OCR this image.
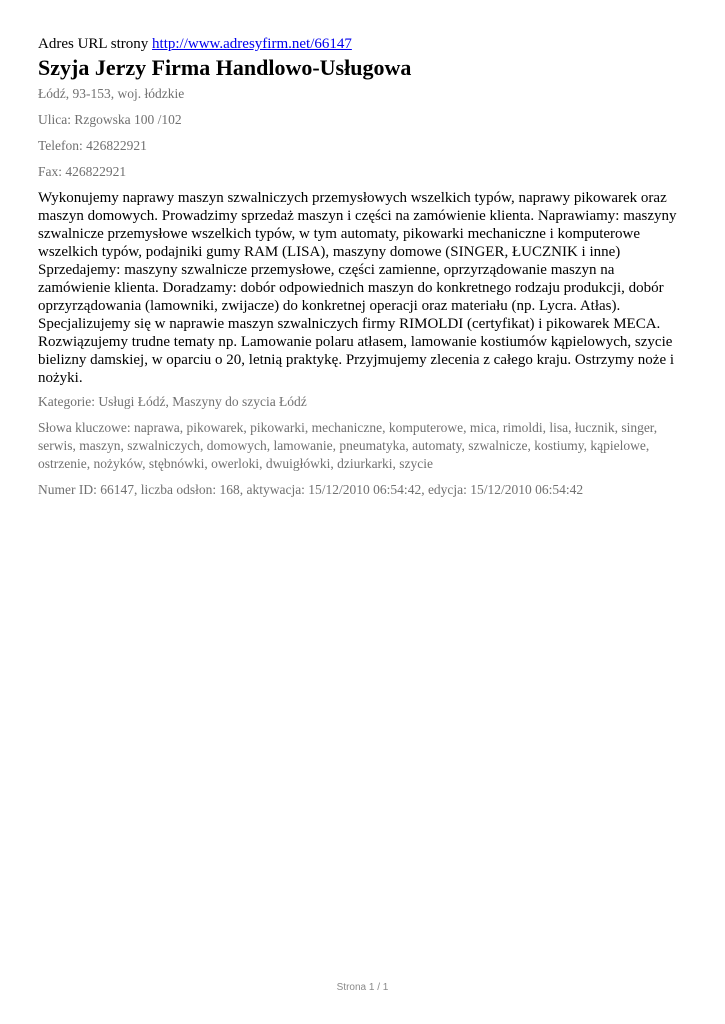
Adres URL strony http://www.adresyfirm.net/66147

Szyja Jerzy Firma Handlowo-Usługowa

Łódź, 93-153, woj. łódzkie

Ulica: Rzgowska 100 /102

Telefon: 426822921

Fax: 426822921

Wykonujemy naprawy maszyn szwalniczych przemysłowych wszelkich typów, naprawy pikowarek oraz maszyn domowych. Prowadzimy sprzedaż maszyn i części na zamówienie klienta. Naprawiamy: maszyny szwalnicze przemysłowe wszelkich typów, w tym automaty, pikowarki mechaniczne i komputerowe wszelkich typów, podajniki gumy RAM (LISA), maszyny domowe (SINGER, ŁUCZNIK i inne) Sprzedajemy: maszyny szwalnicze przemysłowe, części zamienne, oprzyrządowanie maszyn na zamówienie klienta. Doradzamy: dobór odpowiednich maszyn do konkretnego rodzaju produkcji, dobór oprzyrządowania (lamowniki, zwijacze) do konkretnej operacji oraz materiału (np. Lycra. Atłas). Specjalizujemy się w naprawie maszyn szwalniczych firmy RIMOLDI (certyfikat) i pikowarek MECA. Rozwiązujemy trudne tematy np. Lamowanie polaru atłasem, lamowanie kostiumów kąpielowych, szycie bielizny damskiej, w oparciu o 20, letnią praktykę. Przyjmujemy zlecenia z całego kraju. Ostrzymy noże i nożyki.

Kategorie: Usługi Łódź, Maszyny do szycia Łódź

Słowa kluczowe: naprawa, pikowarek, pikowarki, mechaniczne, komputerowe, mica, rimoldi, lisa, łucznik, singer, serwis, maszyn, szwalniczych, domowych, lamowanie, pneumatyka, automaty, szwalnicze, kostiumy, kąpielowe, ostrzenie, nożyków, stębnówki, owerloki, dwuigłówki, dziurkarki, szycie

Numer ID: 66147, liczba odsłon: 168, aktywacja: 15/12/2010 06:54:42, edycja: 15/12/2010 06:54:42

Strona 1 / 1
